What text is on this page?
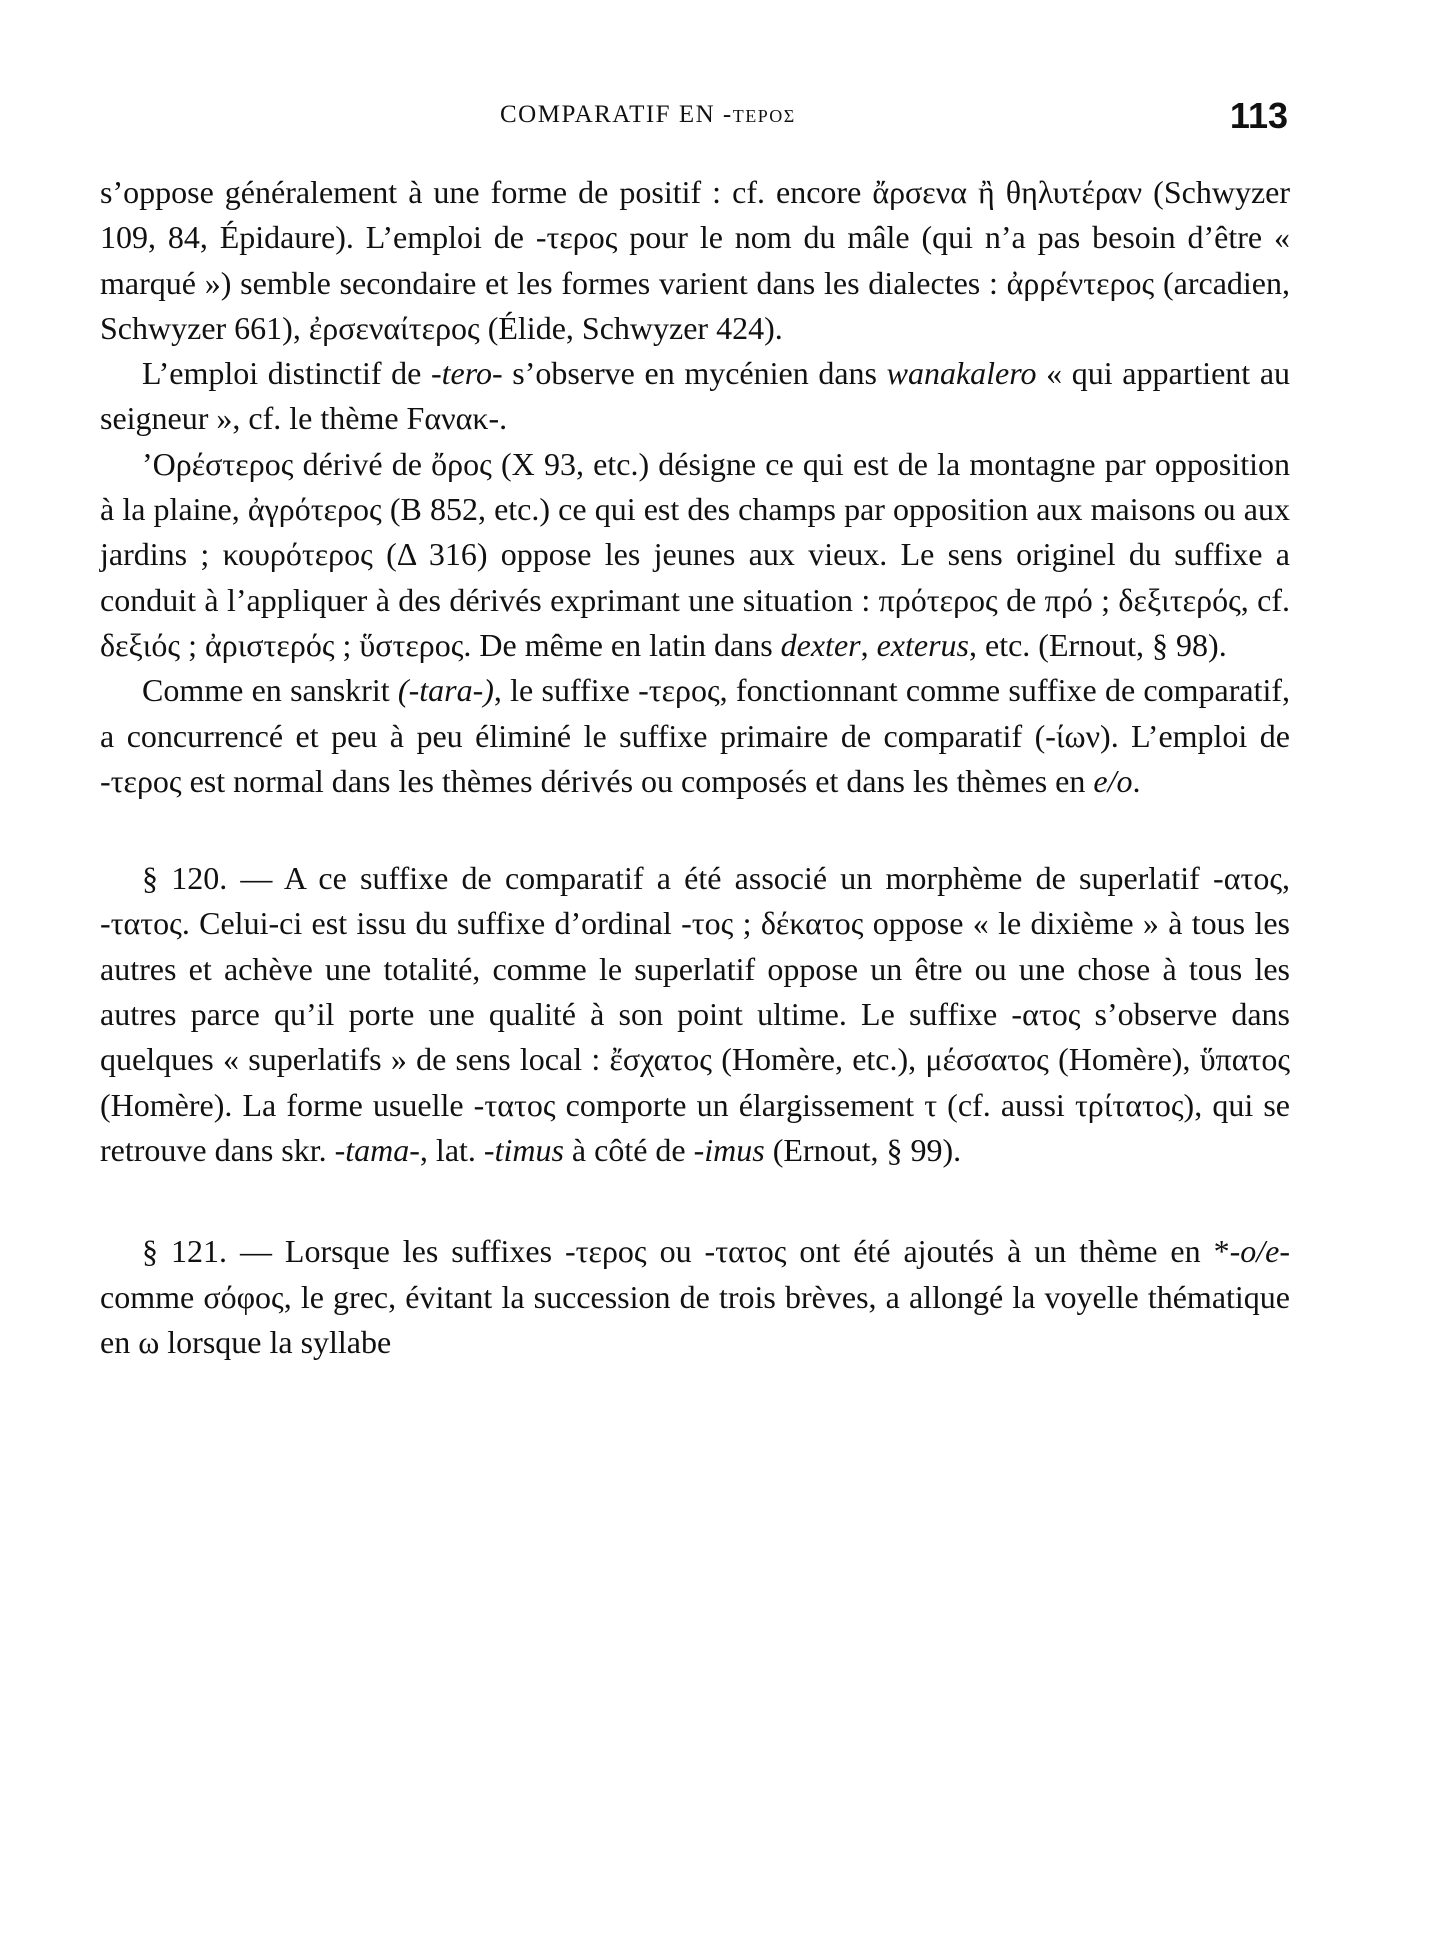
COMPARATIF EN -τερος	113

s’oppose généralement à une forme de positif : cf. encore ἄρσενα ἢ θηλυτέραν (Schwyzer 109, 84, Épidaure). L’emploi de -τερος pour le nom du mâle (qui n’a pas besoin d’être « marqué ») semble secondaire et les formes varient dans les dialectes : ἀρρέντερος (arcadien, Schwyzer 661), ἐρσεναίτερος (Élide, Schwyzer 424).

L’emploi distinctif de -tero- s’observe en mycénien dans wanakalero « qui appartient au seigneur », cf. le thème Ϝανακ-.

’Ορέστερος dérivé de ὄρος (X 93, etc.) désigne ce qui est de la montagne par opposition à la plaine, ἀγρότερος (B 852, etc.) ce qui est des champs par opposition aux maisons ou aux jardins ; κουρότερος (Δ 316) oppose les jeunes aux vieux. Le sens originel du suffixe a conduit à l’appliquer à des dérivés exprimant une situation : πρότερος de πρό ; δεξιτερός, cf. δεξιός ; ἀριστερός ; ὕστερος. De même en latin dans dexter, exterus, etc. (Ernout, § 98).

Comme en sanskrit (-tara-), le suffixe -τερος, fonctionnant comme suffixe de comparatif, a concurrencé et peu à peu éliminé le suffixe primaire de comparatif (-ίων). L’emploi de -τερος est normal dans les thèmes dérivés ou composés et dans les thèmes en e/o.

§ 120. — A ce suffixe de comparatif a été associé un morphème de superlatif -ατος, -τατος. Celui-ci est issu du suffixe d’ordinal -τος ; δέκατος oppose « le dixième » à tous les autres et achève une totalité, comme le superlatif oppose un être ou une chose à tous les autres parce qu’il porte une qualité à son point ultime. Le suffixe -ατος s’observe dans quelques « superlatifs » de sens local : ἔσχατος (Homère, etc.), μέσσατος (Homère), ὕπατος (Homère). La forme usuelle -τατος comporte un élargissement τ (cf. aussi τρίτατος), qui se retrouve dans skr. -tama-, lat. -timus à côté de -imus (Ernout, § 99).

§ 121. — Lorsque les suffixes -τερος ou -τατος ont été ajoutés à un thème en *-o/e- comme σόφος, le grec, évitant la succession de trois brèves, a allongé la voyelle thématique en ω lorsque la syllabe
